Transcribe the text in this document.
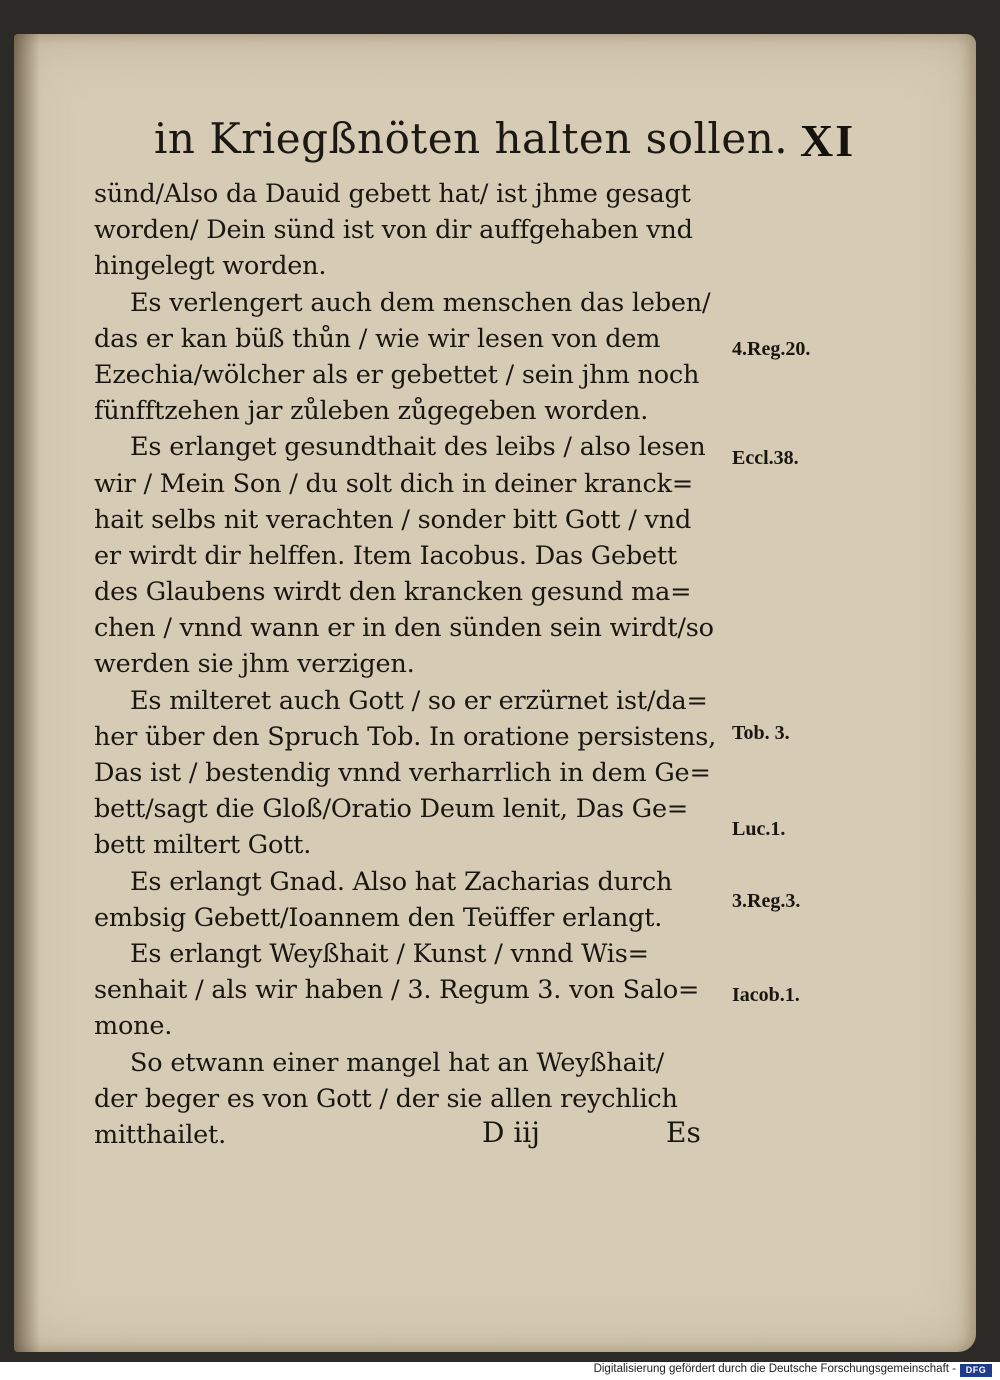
in Kriegßnöten halten sollen. XI
sünd/Also da Dauid gebett hat/ ist jhme gesagt
worden/ Dein sünd ist von dir auffgehaben vnd
hingelegt worden.
Es verlengert auch dem menschen das leben/
das er kan büß thůn / wie wir lesen von dem
Ezechia/wölcher als er gebettet / sein jhm noch
fünfftzehen jar zůleben zůgegeben worden.
Es erlanget gesundthait des leibs / also lesen
wir / Mein Son / du solt dich in deiner kranck=
hait selbs nit verachten / sonder bitt Gott / vnd
er wirdt dir helffen. Item Iacobus. Das Gebett
des Glaubens wirdt den krancken gesund ma=
chen / vnnd wann er in den sünden sein wirdt/so
werden sie jhm verzigen.
Es milteret auch Gott / so er erzürnet ist/da=
her über den Spruch Tob. In oratione persistens,
Das ist / bestendig vnnd verharrlich in dem Ge=
bett/sagt die Gloß/Oratio Deum lenit, Das Ge=
bett miltert Gott.
Es erlangt Gnad. Also hat Zacharias durch
embsig Gebett/Ioannem den Teüffer erlangt.
Es erlangt Weyßhait / Kunst / vnnd Wis=
senhait / als wir haben / 3. Regum 3. von Salo=
mone.
So etwann einer mangel hat an Weyßhait/
der beger es von Gott / der sie allen reychlich
mitthailet.
4.Reg.20.
Eccl.38.
Tob. 3.
Luc.1.
3.Reg.3.
Iacob.1.
D iij	Es
Digitalisierung gefördert durch die Deutsche Forschungsgemeinschaft -	DFG
